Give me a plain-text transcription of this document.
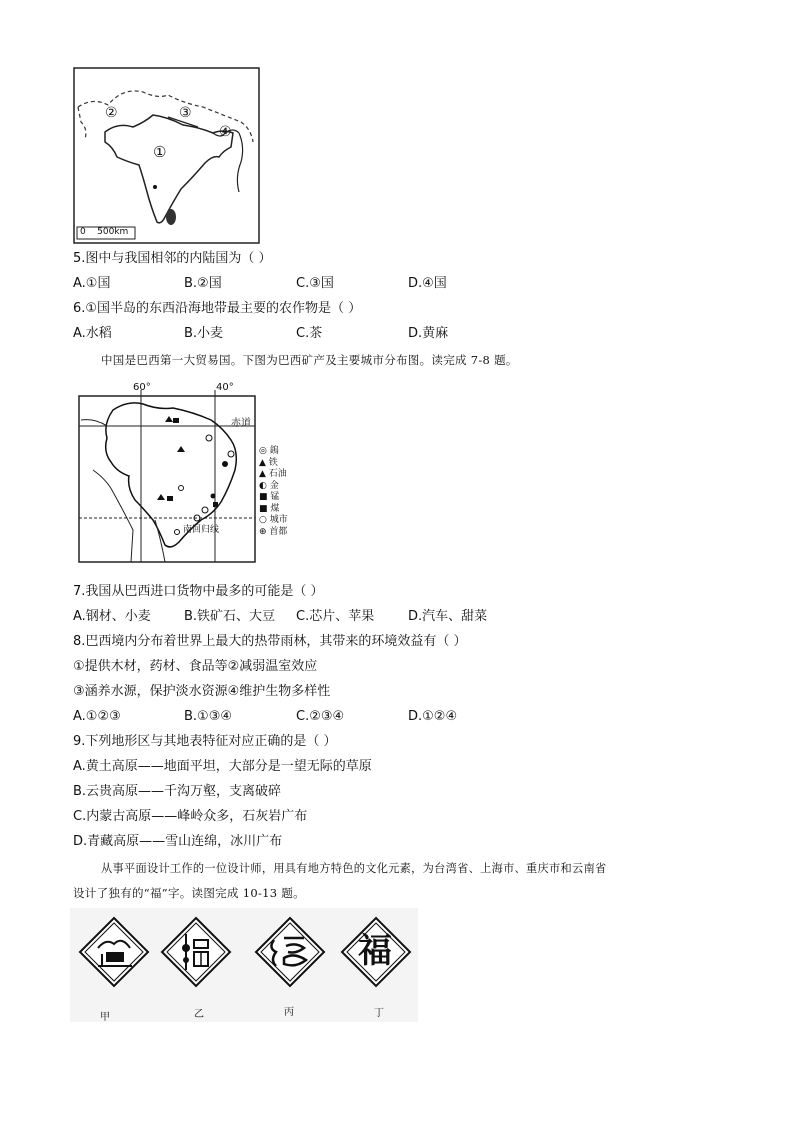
①
②	③
④
0    500km
5.图中与我国相邻的内陆国为（ ）
A.①国	B.②国	C.③国	D.④国
6.①国半岛的东西沿海地带最主要的农作物是（ ）
A.水稻	B.小麦	C.茶	D.黄麻
中国是巴西第一大贸易国。下图为巴西矿产及主要城市分布图。读完成 7-8 题。
60°	40°
赤道
南回归线
◎ 鎢
▲ 铁
▲ 石油
◐ 金
■ 锰
■ 煤
○ 城市
⊕ 首都
7.我国从巴西进口货物中最多的可能是（ ）
A.钢材、小麦	B.铁矿石、大豆 C.芯片、苹果	D.汽车、甜菜
8.巴西境内分布着世界上最大的热带雨林，其带来的环境效益有（ ）
①提供木材，药材、食品等②减弱温室效应
③涵养水源，保护淡水资源④维护生物多样性
A.①②③	B.①③④	C.②③④	D.①②④
9.下列地形区与其地表特征对应正确的是（ ）
A.黄土高原——地面平坦，大部分是一望无际的草原
B.云贵高原——千沟万壑，支离破碎
C.内蒙古高原——峰岭众多，石灰岩广布
D.青藏高原——雪山连绵，冰川广布
从事平面设计工作的一位设计师，用具有地方特色的文化元素，为台湾省、上海市、重庆市和云南省
设计了独有的“福”字。读图完成 10-13 题。
福
甲	乙	丙	丁
